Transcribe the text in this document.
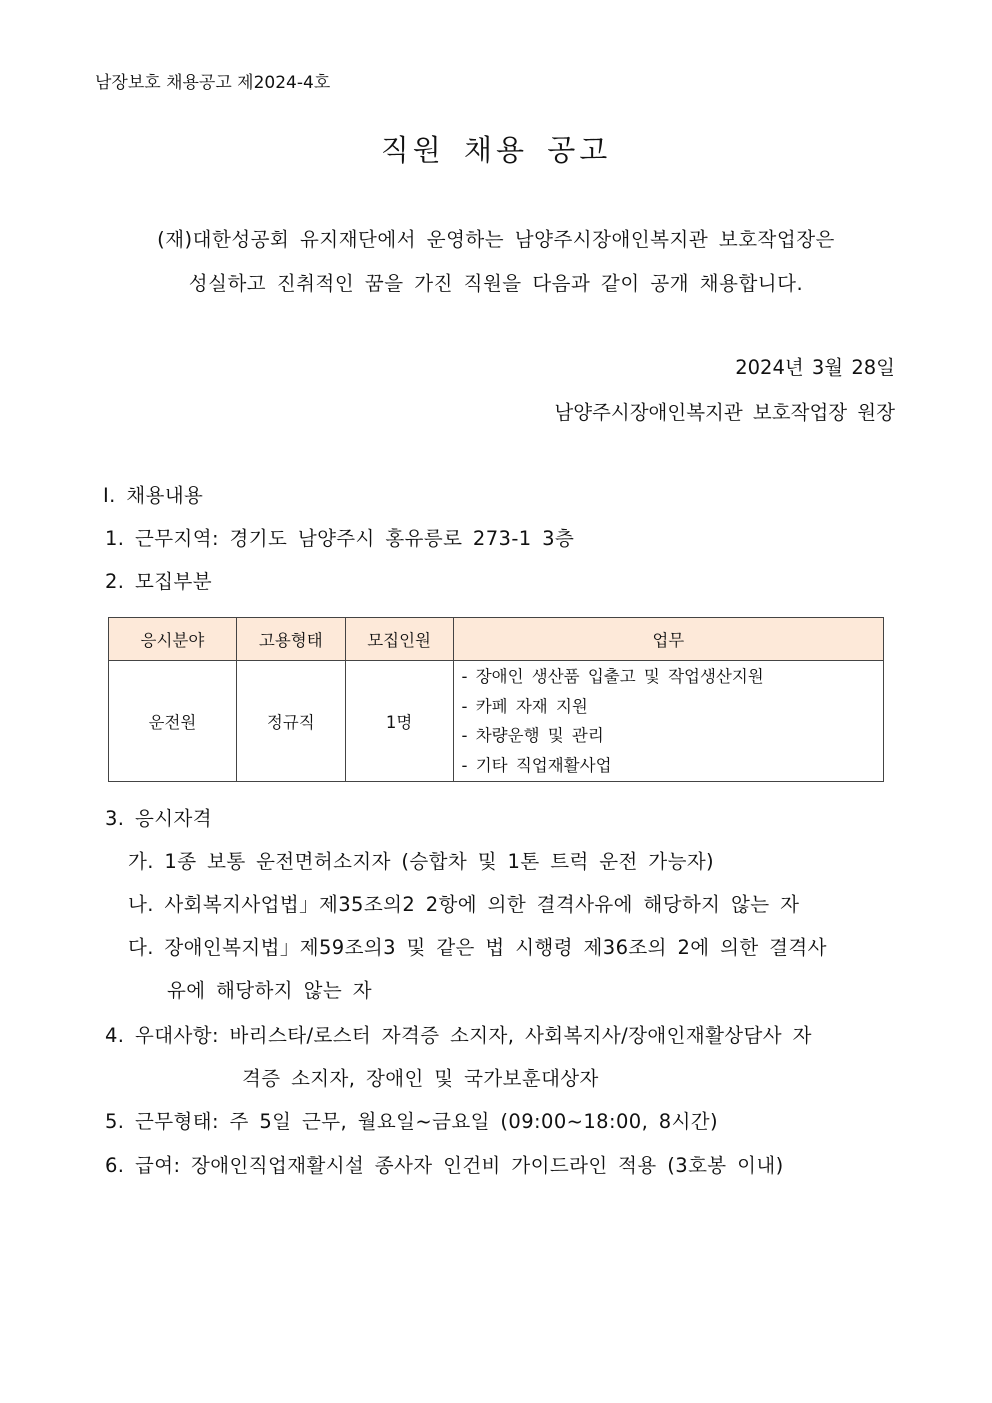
남장보호 채용공고 제2024-4호
직원 채용 공고
(재)대한성공회 유지재단에서 운영하는 남양주시장애인복지관 보호작업장은
성실하고 진취적인 꿈을 가진 직원을 다음과 같이 공개 채용합니다.
2024년 3월 28일
남양주시장애인복지관 보호작업장 원장
Ⅰ. 채용내용
1. 근무지역: 경기도 남양주시 홍유릉로 273-1 3층
2. 모집부분
응시분야	고용형태	모집인원	업무
운전원	정규직	1명	- 장애인 생산품 입출고 및 작업생산지원
- 카페 자재 지원
- 차량운행 및 관리
- 기타 직업재활사업
3. 응시자격
가. 1종 보통 운전면허소지자 (승합차 및 1톤 트럭 운전 가능자)
나. 사회복지사업법」제35조의2 2항에 의한 결격사유에 해당하지 않는 자
다. 장애인복지법」제59조의3 및 같은 법 시행령 제36조의 2에 의한 결격사
유에 해당하지 않는 자
4. 우대사항: 바리스타/로스터 자격증 소지자, 사회복지사/장애인재활상담사 자
격증 소지자, 장애인 및 국가보훈대상자
5. 근무형태: 주 5일 근무, 월요일~금요일 (09:00~18:00, 8시간)
6. 급여: 장애인직업재활시설 종사자 인건비 가이드라인 적용 (3호봉 이내)
